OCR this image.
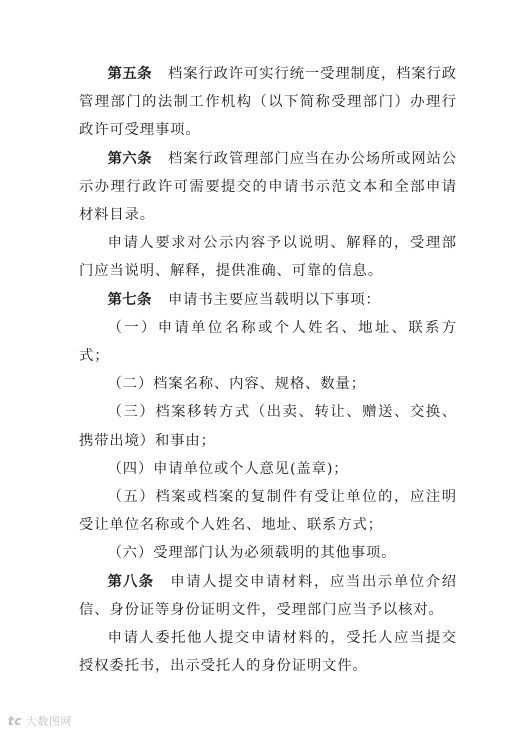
第五条 档案行政许可实行统一受理制度，档案行政管理部门的法制工作机构（以下简称受理部门）办理行政许可受理事项。

第六条 档案行政管理部门应当在办公场所或网站公示办理行政许可需要提交的申请书示范文本和全部申请材料目录。

申请人要求对公示内容予以说明、解释的，受理部门应当说明、解释，提供准确、可靠的信息。

第七条 申请书主要应当载明以下事项：

（一）申请单位名称或个人姓名、地址、联系方式；

（二）档案名称、内容、规格、数量；

（三）档案移转方式（出卖、转让、赠送、交换、携带出境）和事由；

（四）申请单位或个人意见(盖章)；

（五）档案或档案的复制件有受让单位的，应注明受让单位名称或个人姓名、地址、联系方式；

（六）受理部门认为必须载明的其他事项。

第八条 申请人提交申请材料，应当出示单位介绍信、身份证等身份证明文件，受理部门应当予以核对。

申请人委托他人提交申请材料的，受托人应当提交授权委托书，出示受托人的身份证明文件。

tc 大数图网
